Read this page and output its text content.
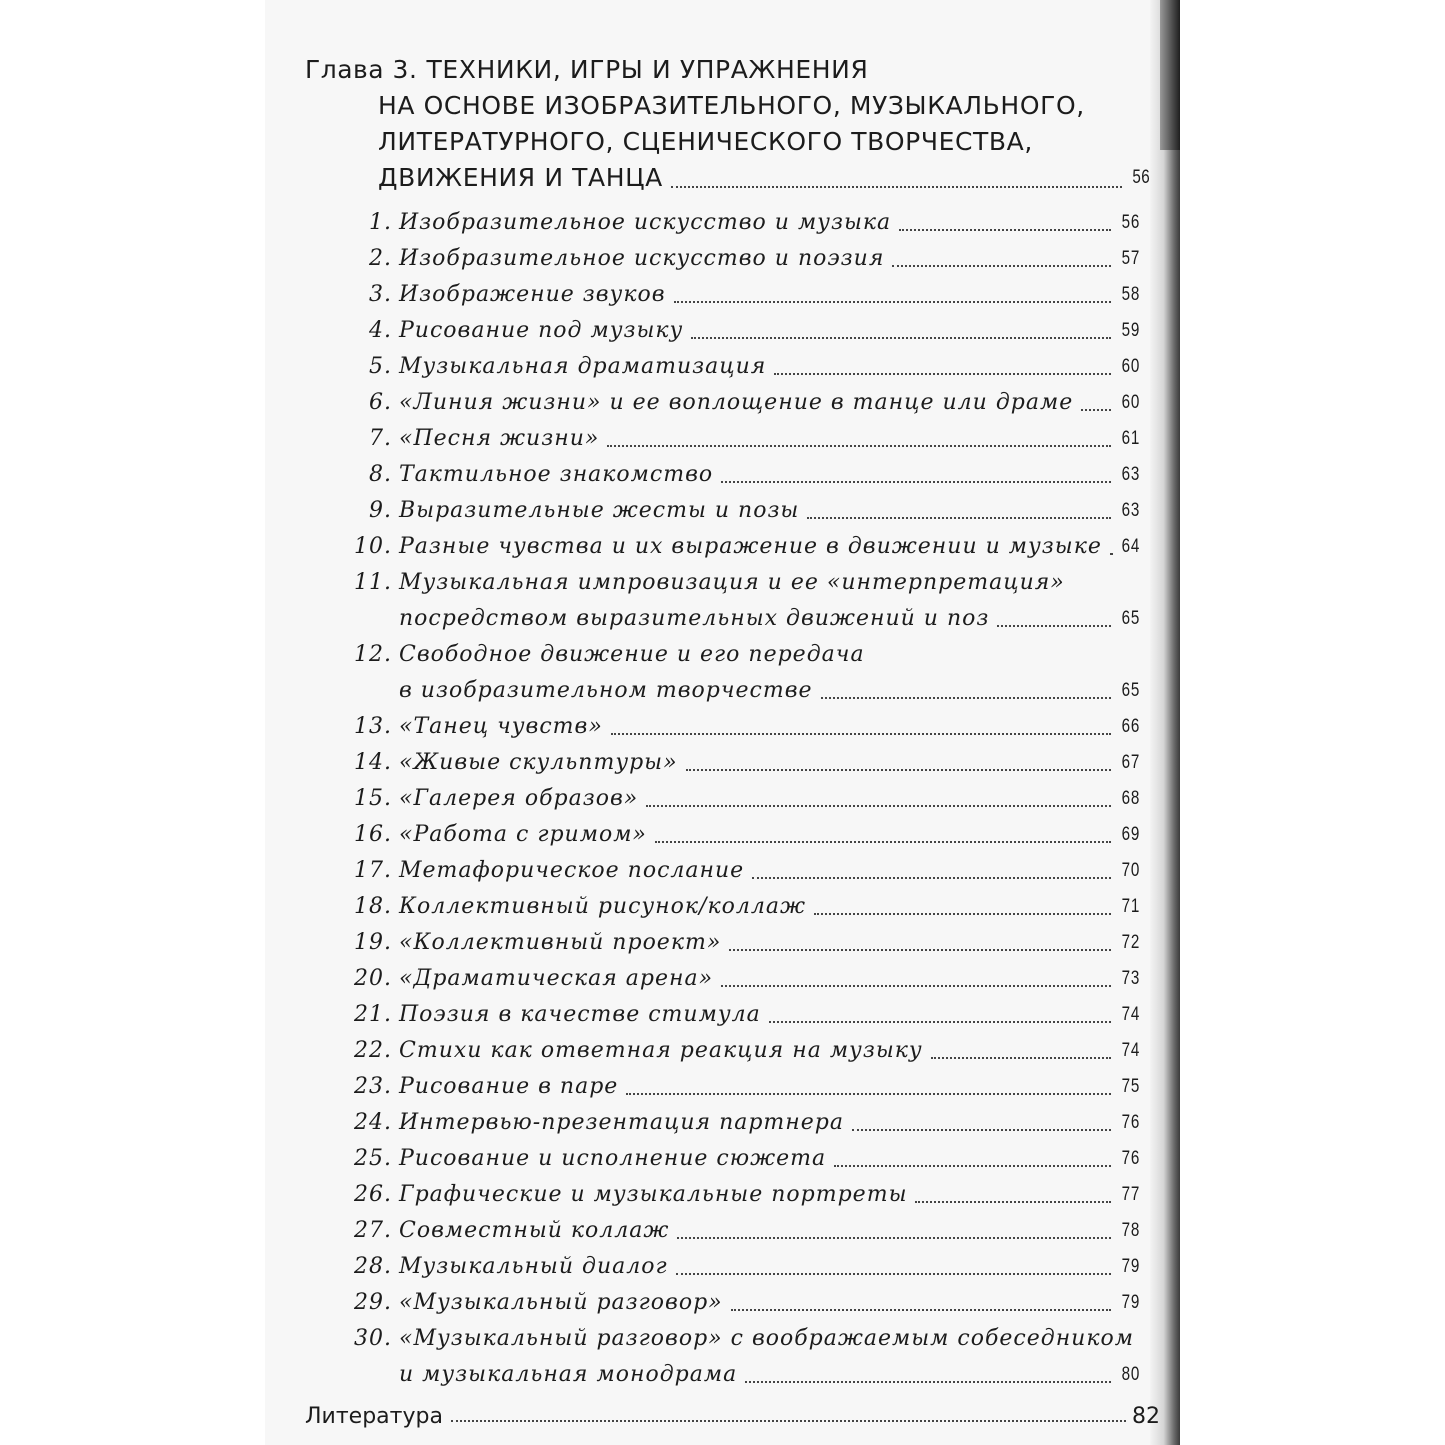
Глава 3. ТЕХНИКИ, ИГРЫ И УПРАЖНЕНИЯ
НА ОСНОВЕ ИЗОБРАЗИТЕЛЬНОГО, МУЗЫКАЛЬНОГО,
ЛИТЕРАТУРНОГО, СЦЕНИЧЕСКОГО ТВОРЧЕСТВА,
ДВИЖЕНИЯ И ТАНЦА	56
1. Изобразительное искусство и музыка	56
2. Изобразительное искусство и поэзия	57
3. Изображение звуков	58
4. Рисование под музыку	59
5. Музыкальная драматизация	60
6. «Линия жизни» и ее воплощение в танце или драме	60
7. «Песня жизни»	61
8. Тактильное знакомство	63
9. Выразительные жесты и позы	63
10. Разные чувства и их выражение в движении и музыке 64
11. Музыкальная импровизация и ее «интерпретация»
посредством выразительных движений и поз	65
12. Свободное движение и его передача
в изобразительном творчестве	65
13. «Танец чувств»	66
14. «Живые скульптуры»	67
15. «Галерея образов»	68
16. «Работа с гримом»	69
17. Метафорическое послание	70
18. Коллективный рисунок/коллаж	71
19. «Коллективный проект»	72
20. «Драматическая арена»	73
21. Поэзия в качестве стимула	74
22. Стихи как ответная реакция на музыку	74
23. Рисование в паре	75
24. Интервью-презентация партнера	76
25. Рисование и исполнение сюжета	76
26. Графические и музыкальные портреты	77
27. Совместный коллаж	78
28. Музыкальный диалог	79
29. «Музыкальный разговор»	79
30. «Музыкальный разговор» с воображаемым собеседником
и музыкальная монодрама	80
Литература	82
